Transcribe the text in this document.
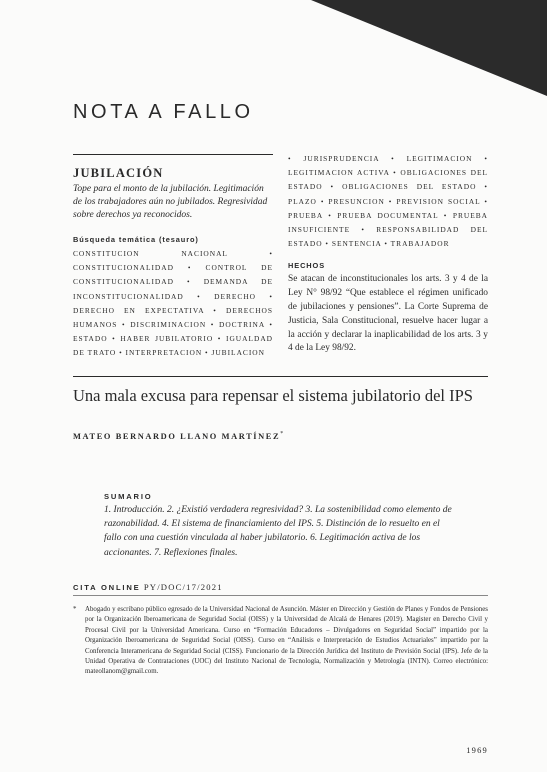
NOTA A FALLO
JUBILACIÓN
Tope para el monto de la jubilación. Legitimación de los trabajadores aún no jubilados. Regresividad sobre derechos ya reconocidos.
Búsqueda temática (tesauro)
CONSTITUCION NACIONAL • CONSTITUCIONALIDAD • CONTROL DE CONSTITUCIONALIDAD • DEMANDA DE INCONSTITUCIONALIDAD • DERECHO • DERECHO EN EXPECTATIVA • DERECHOS HUMANOS • DISCRIMINACION • DOCTRINA • ESTADO • HABER JUBILATORIO • IGUALDAD DE TRATO • INTERPRETACION • JUBILACION
• JURISPRUDENCIA • LEGITIMACION • LEGITIMACION ACTIVA • OBLIGACIONES DEL ESTADO • OBLIGACIONES DEL ESTADO • PLAZO • PRESUNCION • PREVISION SOCIAL • PRUEBA • PRUEBA DOCUMENTAL • PRUEBA INSUFICIENTE • RESPONSABILIDAD DEL ESTADO • SENTENCIA • TRABAJADOR
HECHOS
Se atacan de inconstitucionales los arts. 3 y 4 de la Ley N° 98/92 “Que establece el régimen unificado de jubilaciones y pensiones”. La Corte Suprema de Justicia, Sala Constitucional, resuelve hacer lugar a la acción y declarar la inaplicabilidad de los arts. 3 y 4 de la Ley 98/92.
Una mala excusa para repensar el sistema jubilatorio del IPS
MATEO BERNARDO LLANO MARTÍNEZ*
SUMARIO
1. Introducción. 2. ¿Existió verdadera regresividad? 3. La sostenibilidad como elemento de razonabilidad. 4. El sistema de financiamiento del IPS. 5. Distinción de lo resuelto en el fallo con una cuestión vinculada al haber jubilatorio. 6. Legitimación activa de los accionantes. 7. Reflexiones finales.
CITA ONLINE PY/DOC/17/2021
*	Abogado y escribano público egresado de la Universidad Nacional de Asunción. Máster en Dirección y Gestión de Planes y Fondos de Pensiones por la Organización Iberoamericana de Seguridad Social (OISS) y la Universidad de Alcalá de Henares (2019). Magister en Derecho Civil y Procesal Civil por la Universidad Americana. Curso en “Formación Educadores – Divulgadores en Seguridad Social” impartido por la Organización Iberoamericana de Seguridad Social (OISS). Curso en “Análisis e Interpretación de Estudios Actuariales” impartido por la Conferencia Interamericana de Seguridad Social (CISS). Funcionario de la Dirección Jurídica del Instituto de Previsión Social (IPS). Jefe de la Unidad Operativa de Contrataciones (UOC) del Instituto Nacional de Tecnología, Normalización y Metrología (INTN). Correo electrónico: mateollanom@gmail.com.
1969
